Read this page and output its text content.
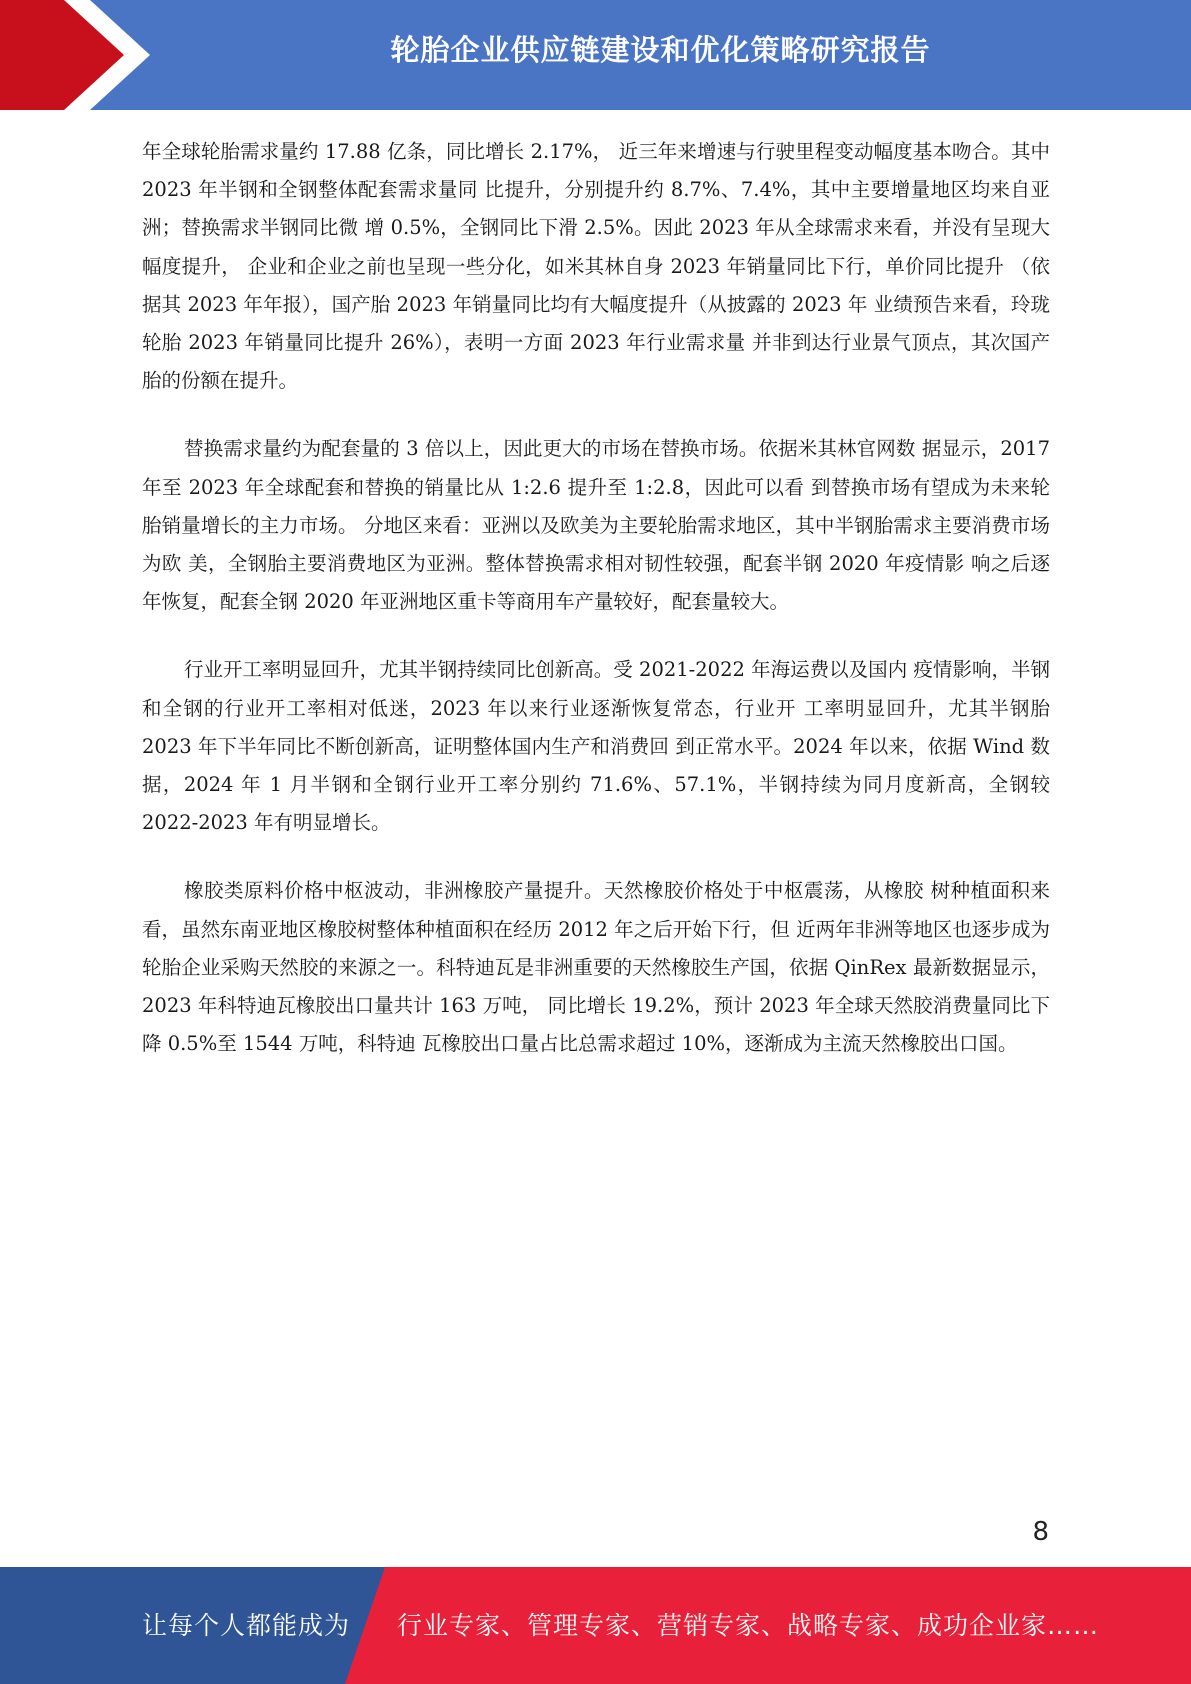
轮胎企业供应链建设和优化策略研究报告

年全球轮胎需求量约 17.88 亿条，同比增长 2.17%， 近三年来增速与行驶里程变动幅度基本吻合。其中 2023 年半钢和全钢整体配套需求量同 比提升，分别提升约 8.7%、7.4%，其中主要增量地区均来自亚洲；替换需求半钢同比微 增 0.5%，全钢同比下滑 2.5%。因此 2023 年从全球需求来看，并没有呈现大幅度提升， 企业和企业之前也呈现一些分化，如米其林自身 2023 年销量同比下行，单价同比提升 （依据其 2023 年年报），国产胎 2023 年销量同比均有大幅度提升（从披露的 2023 年 业绩预告来看，玲珑轮胎 2023 年销量同比提升 26%），表明一方面 2023 年行业需求量 并非到达行业景气顶点，其次国产胎的份额在提升。

替换需求量约为配套量的 3 倍以上，因此更大的市场在替换市场。依据米其林官网数 据显示，2017 年至 2023 年全球配套和替换的销量比从 1:2.6 提升至 1:2.8，因此可以看 到替换市场有望成为未来轮胎销量增长的主力市场。 分地区来看：亚洲以及欧美为主要轮胎需求地区，其中半钢胎需求主要消费市场为欧 美，全钢胎主要消费地区为亚洲。整体替换需求相对韧性较强，配套半钢 2020 年疫情影 响之后逐年恢复，配套全钢 2020 年亚洲地区重卡等商用车产量较好，配套量较大。

行业开工率明显回升，尤其半钢持续同比创新高。受 2021-2022 年海运费以及国内 疫情影响，半钢和全钢的行业开工率相对低迷，2023 年以来行业逐渐恢复常态，行业开 工率明显回升，尤其半钢胎 2023 年下半年同比不断创新高，证明整体国内生产和消费回 到正常水平。2024 年以来，依据 Wind 数据，2024 年 1 月半钢和全钢行业开工率分别约 71.6%、57.1%，半钢持续为同月度新高，全钢较 2022-2023 年有明显增长。

橡胶类原料价格中枢波动，非洲橡胶产量提升。天然橡胶价格处于中枢震荡，从橡胶 树种植面积来看，虽然东南亚地区橡胶树整体种植面积在经历 2012 年之后开始下行，但 近两年非洲等地区也逐步成为轮胎企业采购天然胶的来源之一。科特迪瓦是非洲重要的天然橡胶生产国，依据 QinRex 最新数据显示，2023 年科特迪瓦橡胶出口量共计 163 万吨， 同比增长 19.2%，预计 2023 年全球天然胶消费量同比下降 0.5%至 1544 万吨，科特迪 瓦橡胶出口量占比总需求超过 10%，逐渐成为主流天然橡胶出口国。

8
让每个人都能成为 行业专家、管理专家、营销专家、战略专家、成功企业家……
